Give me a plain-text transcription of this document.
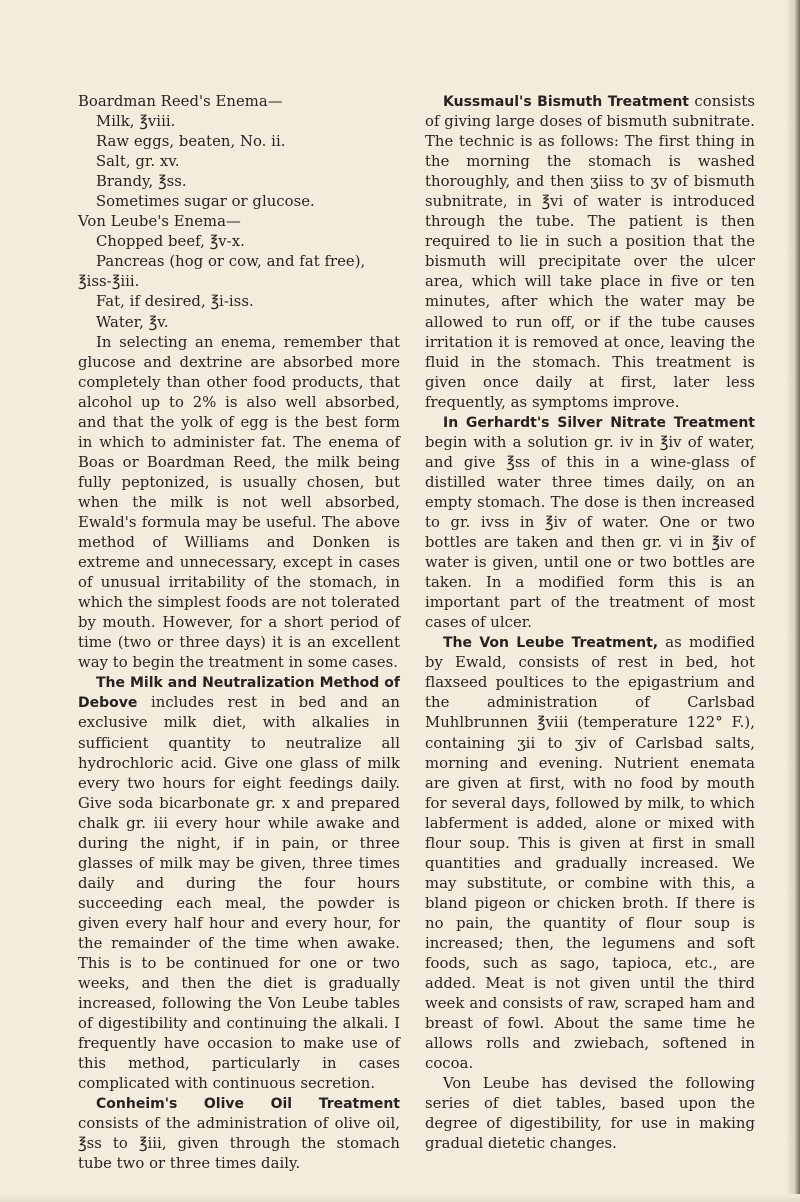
Boardman Reed's Enema—

Milk, ℥viii.

Raw eggs, beaten, No. ii.

Salt, gr. xv.

Brandy, ℥ss.

Sometimes sugar or glucose.

Von Leube's Enema—

Chopped beef, ℥v-x.

Pancreas (hog or cow, and fat free), ℥iss-℥iii.

Fat, if desired, ℥i-iss.

Water, ℥v.

In selecting an enema, remember that glucose and dextrine are absorbed more completely than other food products, that alcohol up to 2% is also well absorbed, and that the yolk of egg is the best form in which to administer fat. The enema of Boas or Boardman Reed, the milk being fully peptonized, is usually chosen, but when the milk is not well absorbed, Ewald's formula may be useful. The above method of Williams and Donken is extreme and unnecessary, except in cases of unusual irritability of the stomach, in which the simplest foods are not tolerated by mouth. However, for a short period of time (two or three days) it is an excellent way to begin the treatment in some cases.

The Milk and Neutralization Method of Debove includes rest in bed and an exclusive milk diet, with alkalies in sufficient quantity to neutralize all hydrochloric acid. Give one glass of milk every two hours for eight feedings daily. Give soda bicarbonate gr. x and prepared chalk gr. iii every hour while awake and during the night, if in pain, or three glasses of milk may be given, three times daily and during the four hours succeeding each meal, the powder is given every half hour and every hour, for the remainder of the time when awake. This is to be continued for one or two weeks, and then the diet is gradually increased, following the Von Leube tables of digestibility and continuing the alkali. I frequently have occasion to make use of this method, particularly in cases complicated with continuous secretion.

Conheim's Olive Oil Treatment consists of the administration of olive oil, ℥ss to ℥iii, given through the stomach tube two or three times daily.

Kussmaul's Bismuth Treatment consists of giving large doses of bismuth subnitrate. The technic is as follows: The first thing in the morning the stomach is washed thoroughly, and then ʒiiss to ʒv of bismuth subnitrate, in ℥vi of water is introduced through the tube. The patient is then required to lie in such a position that the bismuth will precipitate over the ulcer area, which will take place in five or ten minutes, after which the water may be allowed to run off, or if the tube causes irritation it is removed at once, leaving the fluid in the stomach. This treatment is given once daily at first, later less frequently, as symptoms improve.

In Gerhardt's Silver Nitrate Treatment begin with a solution gr. iv in ℥iv of water, and give ℥ss of this in a wine-glass of distilled water three times daily, on an empty stomach. The dose is then increased to gr. ivss in ℥iv of water. One or two bottles are taken and then gr. vi in ℥iv of water is given, until one or two bottles are taken. In a modified form this is an important part of the treatment of most cases of ulcer.

The Von Leube Treatment, as modified by Ewald, consists of rest in bed, hot flaxseed poultices to the epigastrium and the administration of Carlsbad Muhlbrunnen ℥viii (temperature 122° F.), containing ʒii to ʒiv of Carlsbad salts, morning and evening. Nutrient enemata are given at first, with no food by mouth for several days, followed by milk, to which labferment is added, alone or mixed with flour soup. This is given at first in small quantities and gradually increased. We may substitute, or combine with this, a bland pigeon or chicken broth. If there is no pain, the quantity of flour soup is increased; then, the legumens and soft foods, such as sago, tapioca, etc., are added. Meat is not given until the third week and consists of raw, scraped ham and breast of fowl. About the same time he allows rolls and zwiebach, softened in cocoa.

Von Leube has devised the following series of diet tables, based upon the degree of digestibility, for use in making gradual dietetic changes.
